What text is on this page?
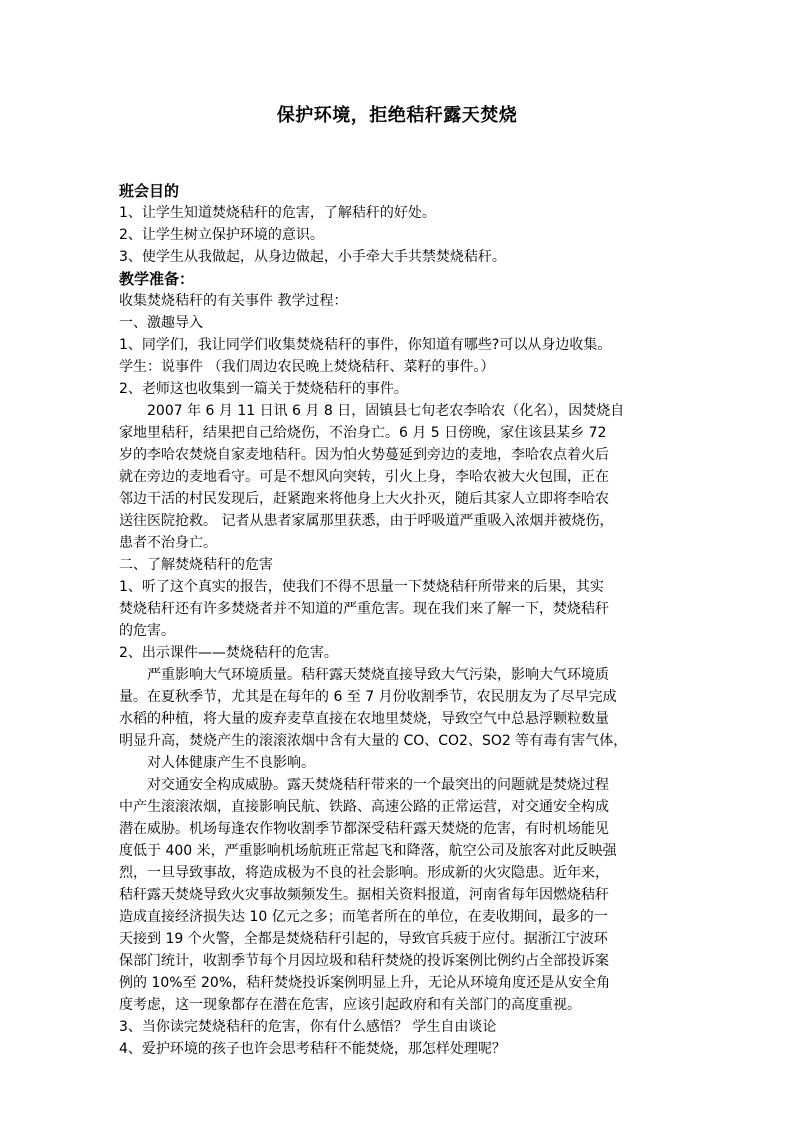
保护环境，拒绝秸秆露天焚烧
班会目的
1、让学生知道焚烧秸秆的危害，了解秸秆的好处。
2、让学生树立保护环境的意识。
3、使学生从我做起，从身边做起，小手牵大手共禁焚烧秸秆。
教学准备：
收集焚烧秸秆的有关事件 教学过程：
一、激趣导入
1、同学们，我让同学们收集焚烧秸秆的事件，你知道有哪些?可以从身边收集。
学生：说事件 （我们周边农民晚上焚烧秸秆、菜籽的事件。）
2、老师这也收集到一篇关于焚烧秸秆的事件。
2007 年 6 月 11 日讯 6 月 8 日，固镇县七旬老农李哈农（化名），因焚烧自
家地里秸秆，结果把自己给烧伤，不治身亡。6 月 5 日傍晚，家住该县某乡 72
岁的李哈农焚烧自家麦地秸秆。因为怕火势蔓延到旁边的麦地，李哈农点着火后
就在旁边的麦地看守。可是不想风向突转，引火上身，李哈农被大火包围，正在
邻边干活的村民发现后，赶紧跑来将他身上大火扑灭，随后其家人立即将李哈农
送往医院抢救。 记者从患者家属那里获悉，由于呼吸道严重吸入浓烟并被烧伤，
患者不治身亡。
二、了解焚烧秸秆的危害
1、听了这个真实的报告，使我们不得不思量一下焚烧秸秆所带来的后果，其实
焚烧秸秆还有许多焚烧者并不知道的严重危害。现在我们来了解一下，焚烧秸秆
的危害。
2、出示课件——焚烧秸秆的危害。
严重影响大气环境质量。秸秆露天焚烧直接导致大气污染，影响大气环境质
量。在夏秋季节，尤其是在每年的 6 至 7 月份收割季节，农民朋友为了尽早完成
水稻的种植，将大量的废弃麦草直接在农地里焚烧，导致空气中总悬浮颗粒数量
明显升高，焚烧产生的滚滚浓烟中含有大量的 CO、CO2、SO2 等有毒有害气体，
对人体健康产生不良影响。
对交通安全构成威胁。露天焚烧秸秆带来的一个最突出的问题就是焚烧过程
中产生滚滚浓烟，直接影响民航、铁路、高速公路的正常运营，对交通安全构成
潜在威胁。机场每逢农作物收割季节都深受秸秆露天焚烧的危害，有时机场能见
度低于 400 米，严重影响机场航班正常起飞和降落，航空公司及旅客对此反映强
烈，一旦导致事故，将造成极为不良的社会影响。形成新的火灾隐患。近年来，
秸秆露天焚烧导致火灾事故频频发生。据相关资料报道，河南省每年因燃烧秸秆
造成直接经济损失达 10 亿元之多；而笔者所在的单位，在麦收期间，最多的一
天接到 19 个火警，全都是焚烧秸秆引起的，导致官兵疲于应付。据浙江宁波环
保部门统计，收割季节每个月因垃圾和秸秆焚烧的投诉案例比例约占全部投诉案
例的 10%至 20%，秸秆焚烧投诉案例明显上升，无论从环境角度还是从安全角
度考虑，这一现象都存在潜在危害，应该引起政府和有关部门的高度重视。
3、当你读完焚烧秸秆的危害，你有什么感悟？ 学生自由谈论
4、爱护环境的孩子也许会思考秸秆不能焚烧，那怎样处理呢？
